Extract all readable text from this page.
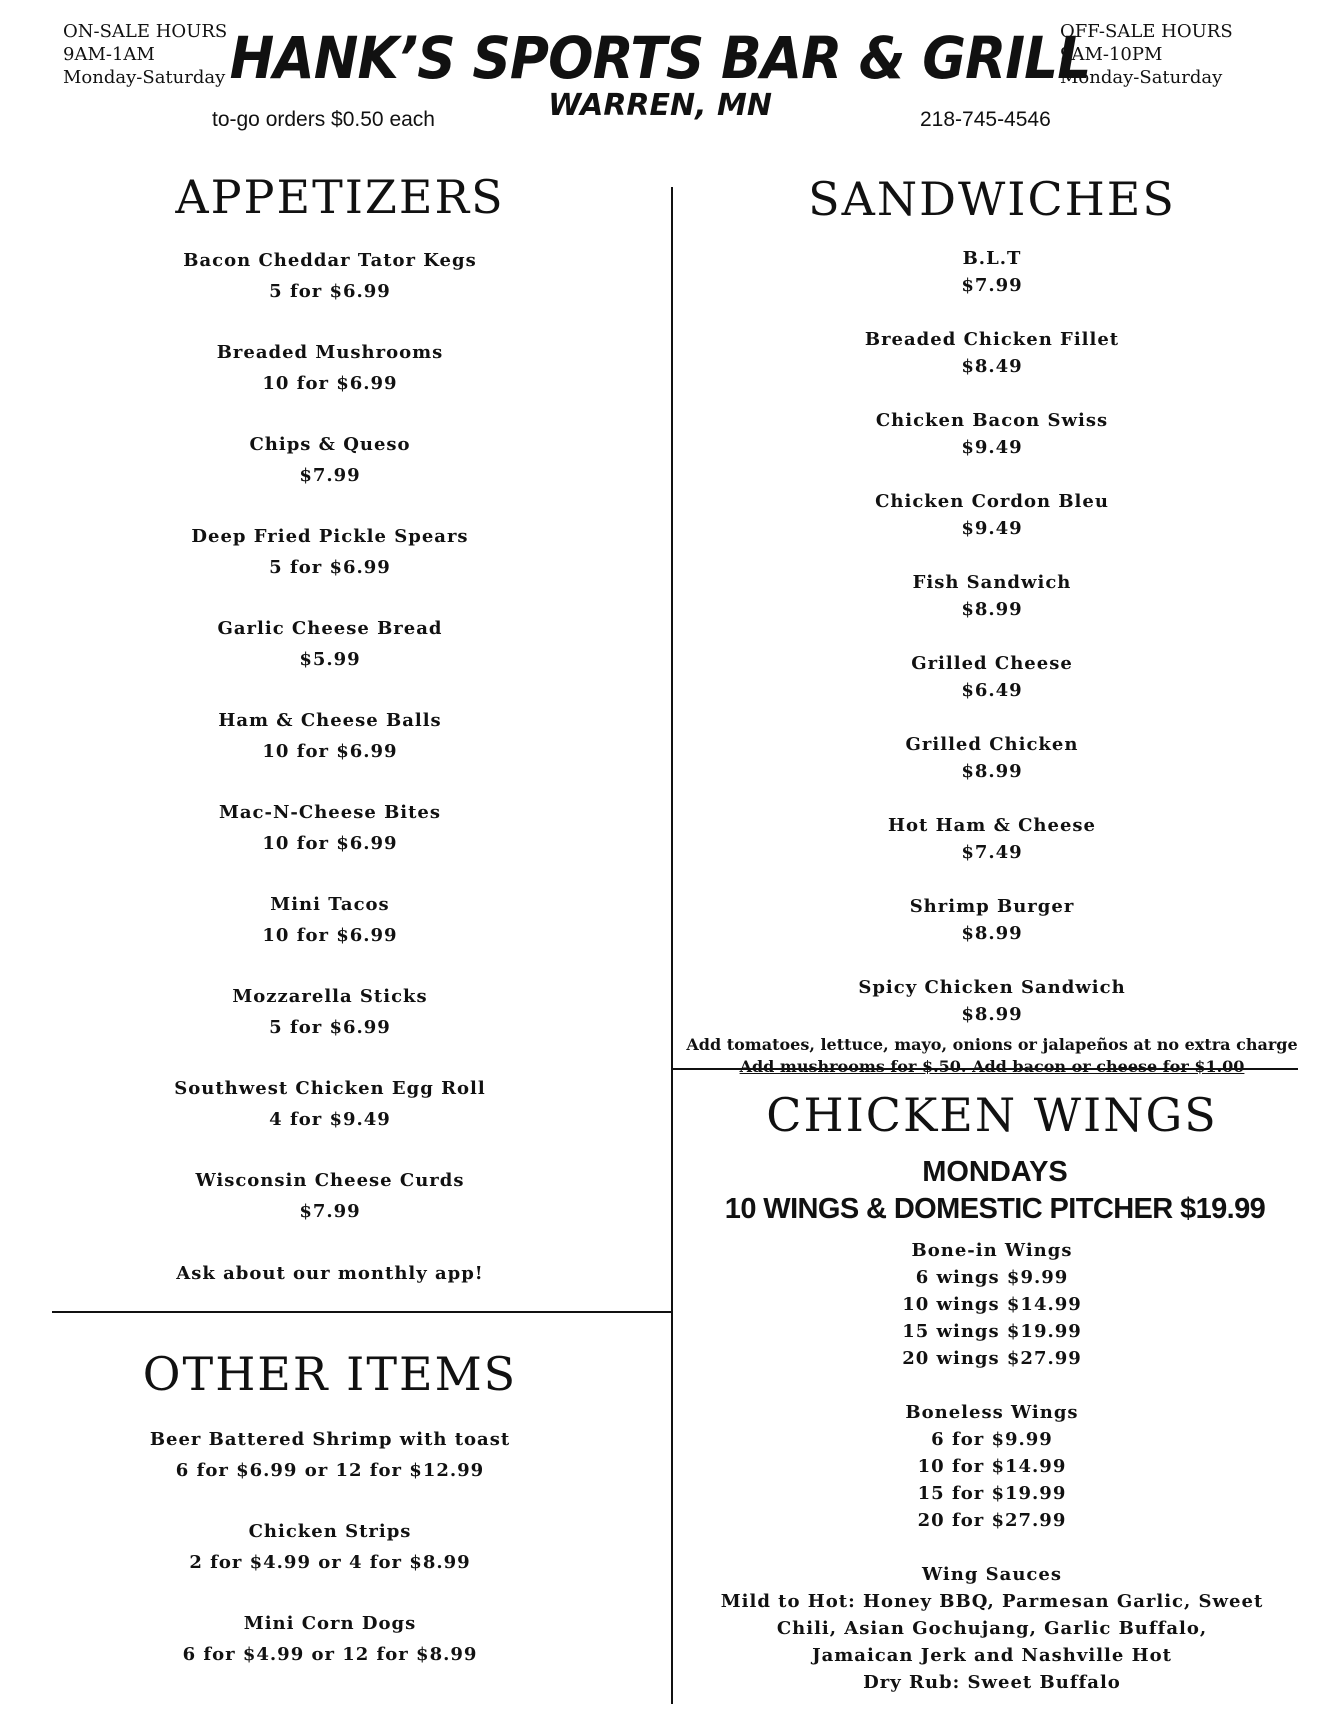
ON-SALE HOURS
9AM-1AM
Monday-Saturday
OFF-SALE HOURS
9AM-10PM
Monday-Saturday
HANK’S SPORTS BAR & GRILL
WARREN, MN
to-go orders $0.50 each	218-745-4546
APPETIZERS
Bacon Cheddar Tator Kegs
5 for $6.99
Breaded Mushrooms
10 for $6.99
Chips & Queso
$7.99
Deep Fried Pickle Spears
5 for $6.99
Garlic Cheese Bread
$5.99
Ham & Cheese Balls
10 for $6.99
Mac-N-Cheese Bites
10 for $6.99
Mini Tacos
10 for $6.99
Mozzarella Sticks
5 for $6.99
Southwest Chicken Egg Roll
4 for $9.49
Wisconsin Cheese Curds
$7.99
Ask about our monthly app!
OTHER ITEMS
Beer Battered Shrimp with toast
6 for $6.99 or 12 for $12.99
Chicken Strips
2 for $4.99 or 4 for $8.99
Mini Corn Dogs
6 for $4.99 or 12 for $8.99
SANDWICHES
B.L.T
$7.99
Breaded Chicken Fillet
$8.49
Chicken Bacon Swiss
$9.49
Chicken Cordon Bleu
$9.49
Fish Sandwich
$8.99
Grilled Cheese
$6.49
Grilled Chicken
$8.99
Hot Ham & Cheese
$7.49
Shrimp Burger
$8.99
Spicy Chicken Sandwich
$8.99
Add tomatoes, lettuce, mayo, onions or jalapeños at no extra charge
Add mushrooms for $.50. Add bacon or cheese for $1.00
CHICKEN WINGS
MONDAYS
10 WINGS & DOMESTIC PITCHER $19.99
Bone-in Wings
6 wings $9.99
10 wings $14.99
15 wings $19.99
20 wings $27.99
Boneless Wings
6 for $9.99
10 for $14.99
15 for $19.99
20 for $27.99
Wing Sauces
Mild to Hot: Honey BBQ, Parmesan Garlic, Sweet
Chili, Asian Gochujang, Garlic Buffalo,
Jamaican Jerk and Nashville Hot
Dry Rub: Sweet Buffalo
